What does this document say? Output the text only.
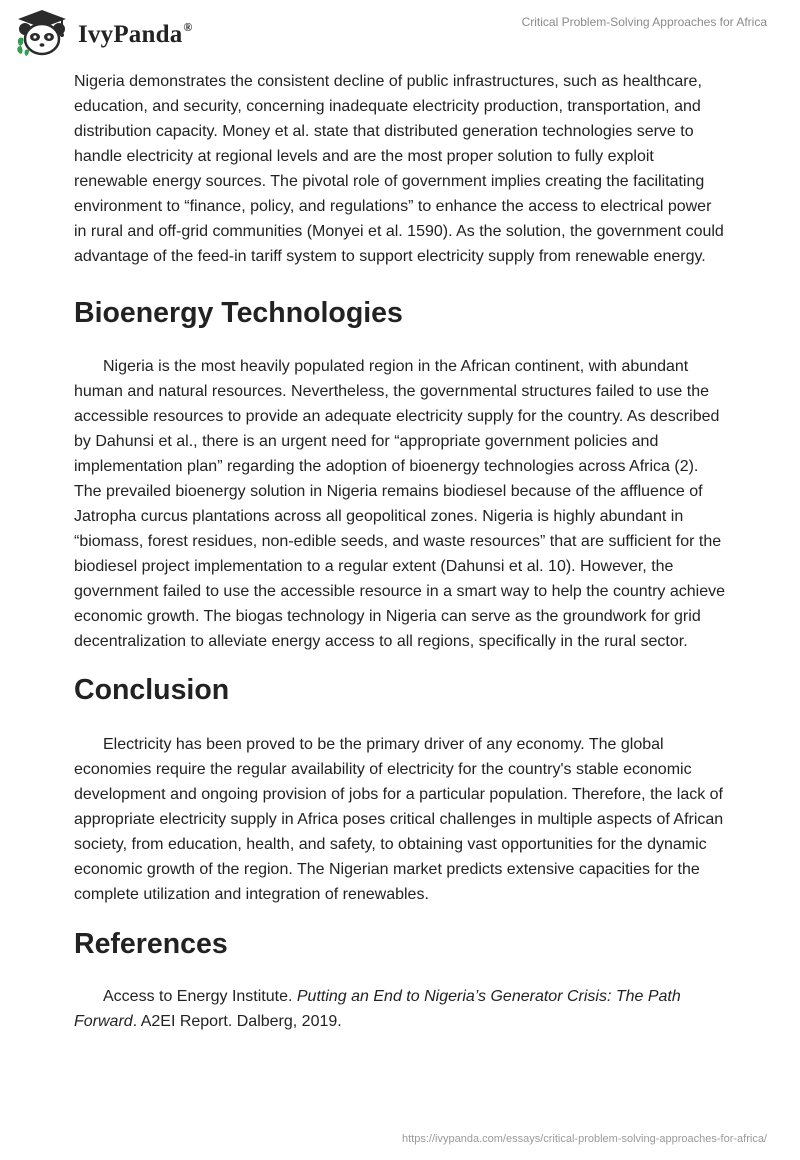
IvyPanda®	Critical Problem-Solving Approaches for Africa

Nigeria demonstrates the consistent decline of public infrastructures, such as healthcare, education, and security, concerning inadequate electricity production, transportation, and distribution capacity. Money et al. state that distributed generation technologies serve to handle electricity at regional levels and are the most proper solution to fully exploit renewable energy sources. The pivotal role of government implies creating the facilitating environment to “finance, policy, and regulations” to enhance the access to electrical power in rural and off-grid communities (Monyei et al. 1590). As the solution, the government could advantage of the feed-in tariff system to support electricity supply from renewable energy.

Bioenergy Technologies

Nigeria is the most heavily populated region in the African continent, with abundant human and natural resources. Nevertheless, the governmental structures failed to use the accessible resources to provide an adequate electricity supply for the country. As described by Dahunsi et al., there is an urgent need for “appropriate government policies and implementation plan” regarding the adoption of bioenergy technologies across Africa (2). The prevailed bioenergy solution in Nigeria remains biodiesel because of the affluence of Jatropha curcus plantations across all geopolitical zones. Nigeria is highly abundant in “biomass, forest residues, non-edible seeds, and waste resources” that are sufficient for the biodiesel project implementation to a regular extent (Dahunsi et al. 10). However, the government failed to use the accessible resource in a smart way to help the country achieve economic growth. The biogas technology in Nigeria can serve as the groundwork for grid decentralization to alleviate energy access to all regions, specifically in the rural sector.

Conclusion

Electricity has been proved to be the primary driver of any economy. The global economies require the regular availability of electricity for the country's stable economic development and ongoing provision of jobs for a particular population. Therefore, the lack of appropriate electricity supply in Africa poses critical challenges in multiple aspects of African society, from education, health, and safety, to obtaining vast opportunities for the dynamic economic growth of the region. The Nigerian market predicts extensive capacities for the complete utilization and integration of renewables.

References

Access to Energy Institute. Putting an End to Nigeria’s Generator Crisis: The Path Forward. A2EI Report. Dalberg, 2019.

https://ivypanda.com/essays/critical-problem-solving-approaches-for-africa/
